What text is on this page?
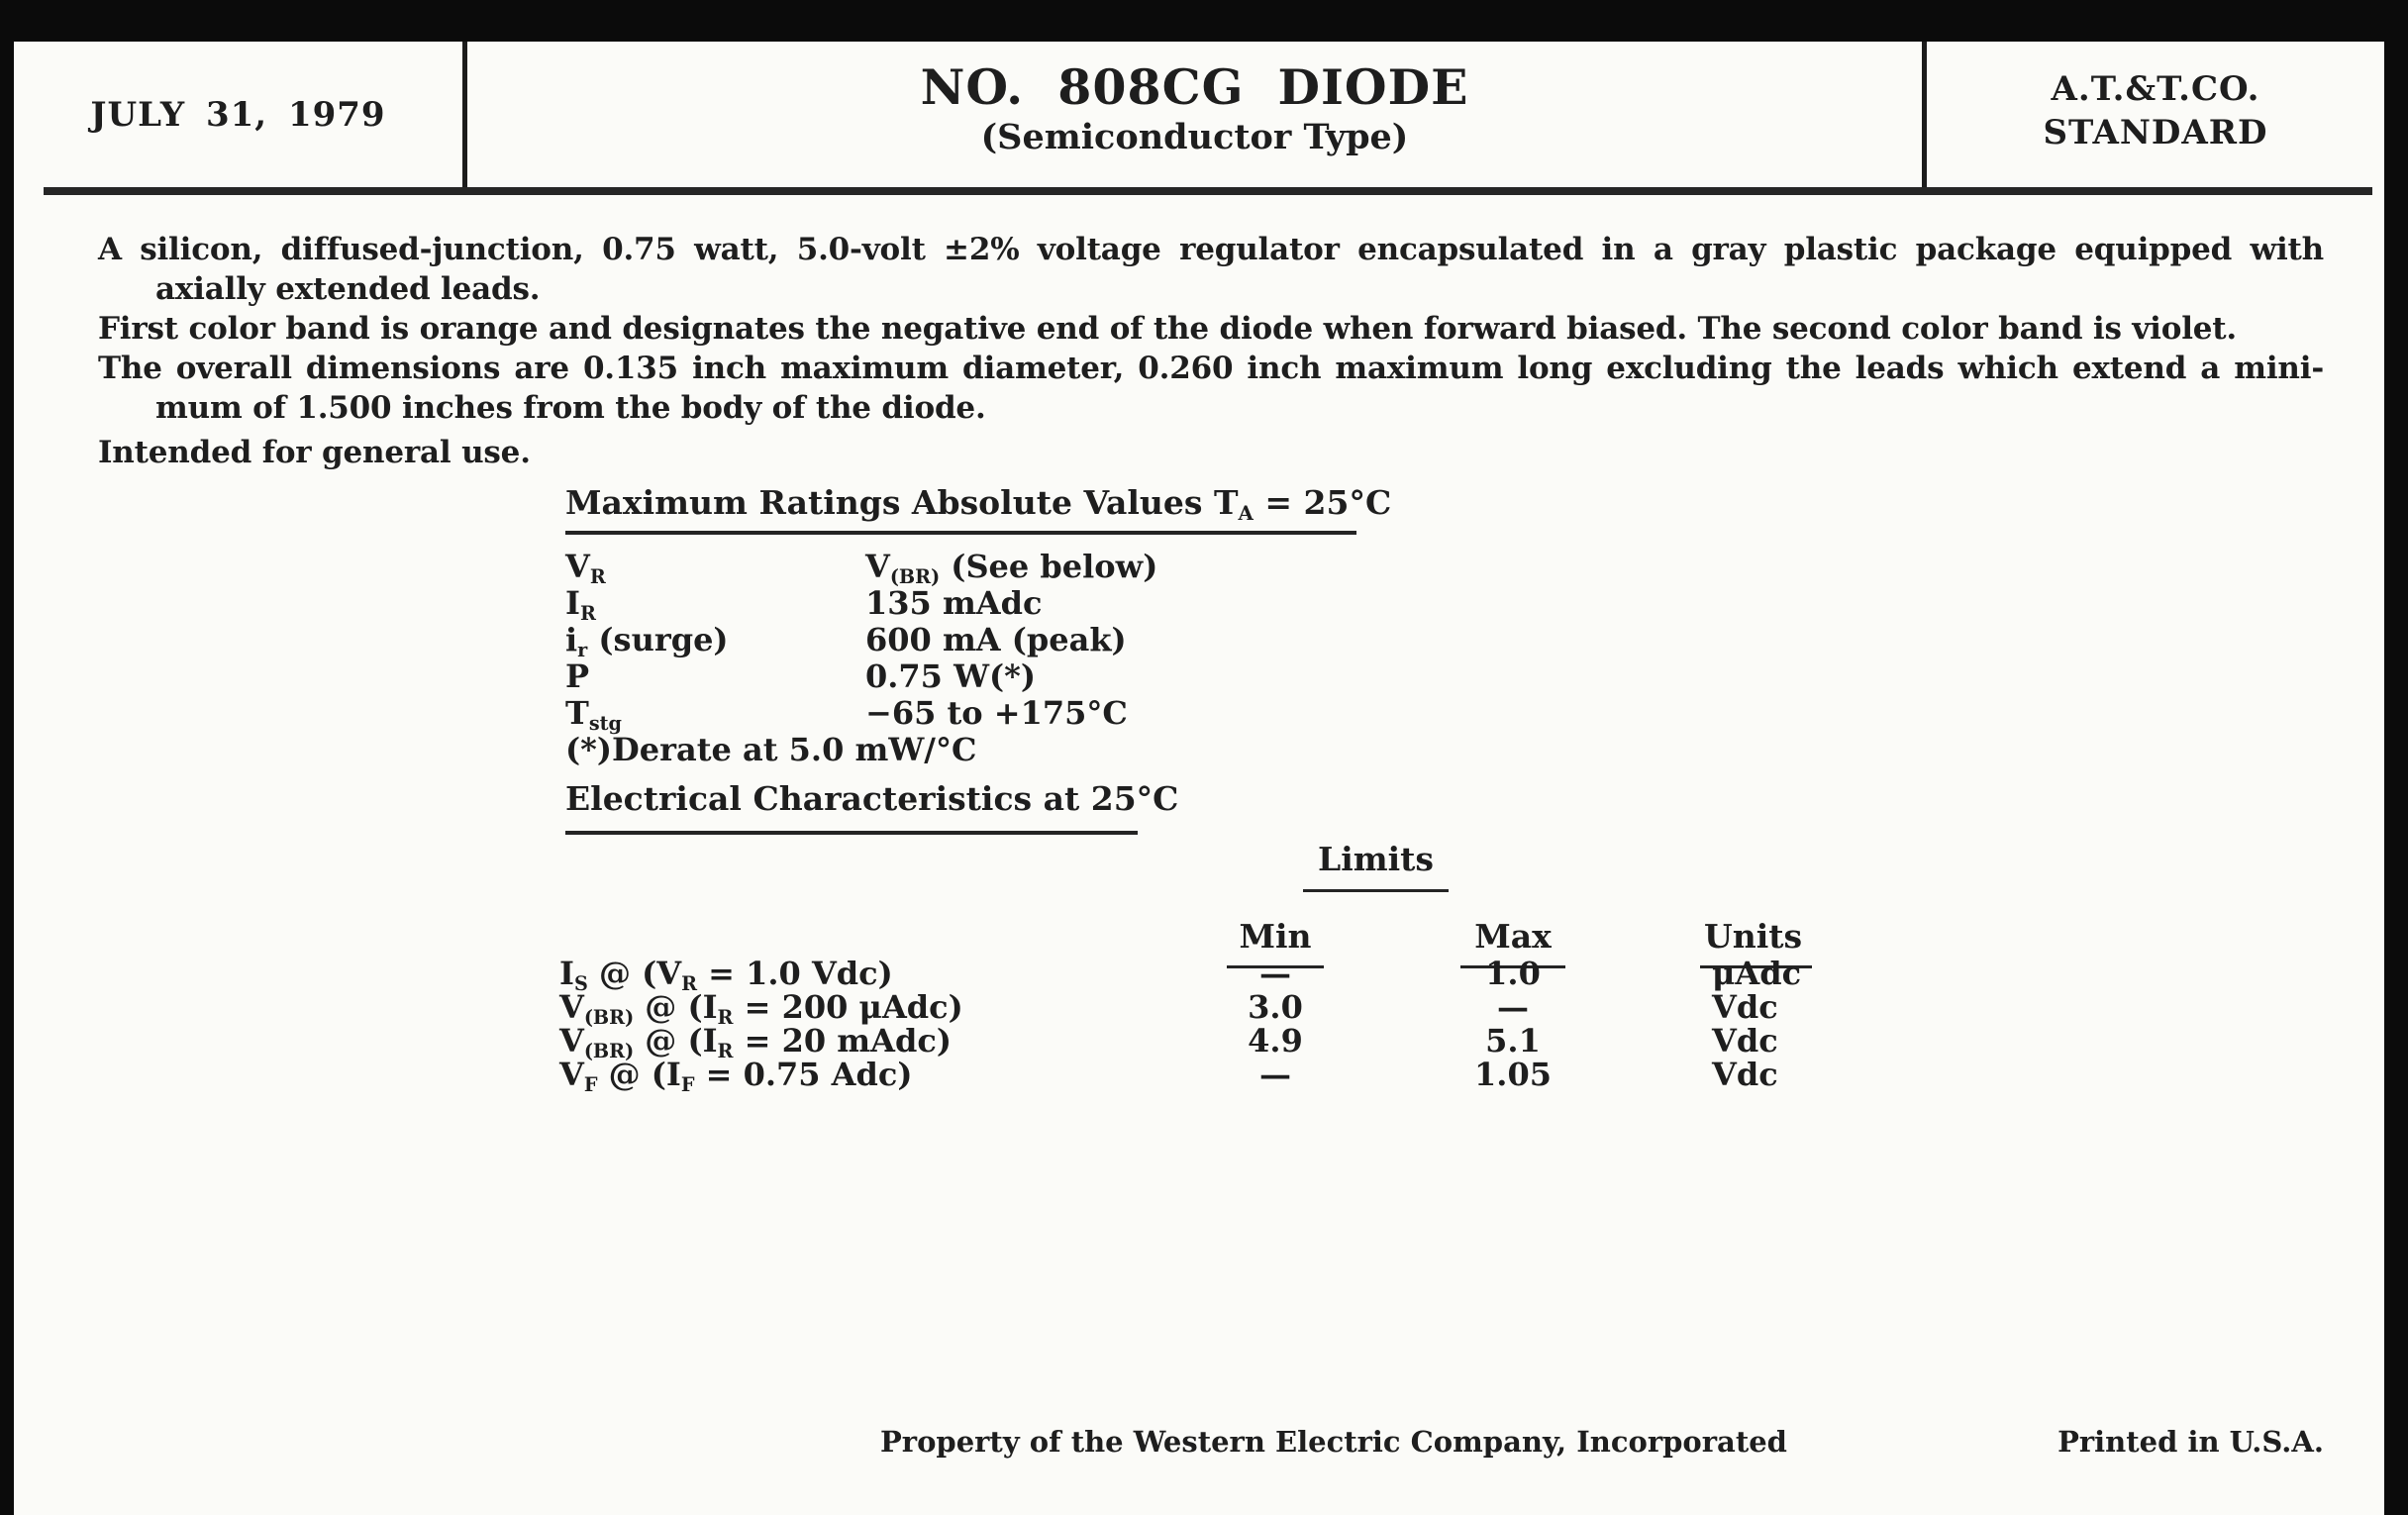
JULY 31, 1979	NO. 808CG DIODE
(Semiconductor Type)
A.T.&T.CO.
STANDARD
A silicon, diffused-junction, 0.75 watt, 5.0-volt ±2% voltage regulator encapsulated in a gray plastic package equipped with
axially extended leads.
First color band is orange and designates the negative end of the diode when forward biased. The second color band is violet.
The overall dimensions are 0.135 inch maximum diameter, 0.260 inch maximum long excluding the leads which extend a mini-
mum of 1.500 inches from the body of the diode.
Intended for general use.
Maximum Ratings Absolute Values $T_A = 25^\circ C$
$V_R$	$V_{(BR)}$ (See below)
$I_R$	135 mAdc
$i_r$ (surge)	600 mA (peak)
P	0.75 W(*)
$T_{stg}$	−65 to +175°C
(*)Derate at 5.0 mW/°C
Electrical Characteristics at 25°C
Limits
Min	Max	Units
$I_S$ @ ($V_R = 1.0$ Vdc)	—	1.0	μAdc
$V_{(BR)}$ @ ($I_R = 200$ μAdc)	3.0	—	Vdc
$V_{(BR)}$ @ ($I_R = 20$ mAdc)	4.9	5.1	Vdc
$V_F$ @ ($I_F = 0.75$ Adc)	—	1.05	Vdc
Property of the Western Electric Company, Incorporated	Printed in U.S.A.
